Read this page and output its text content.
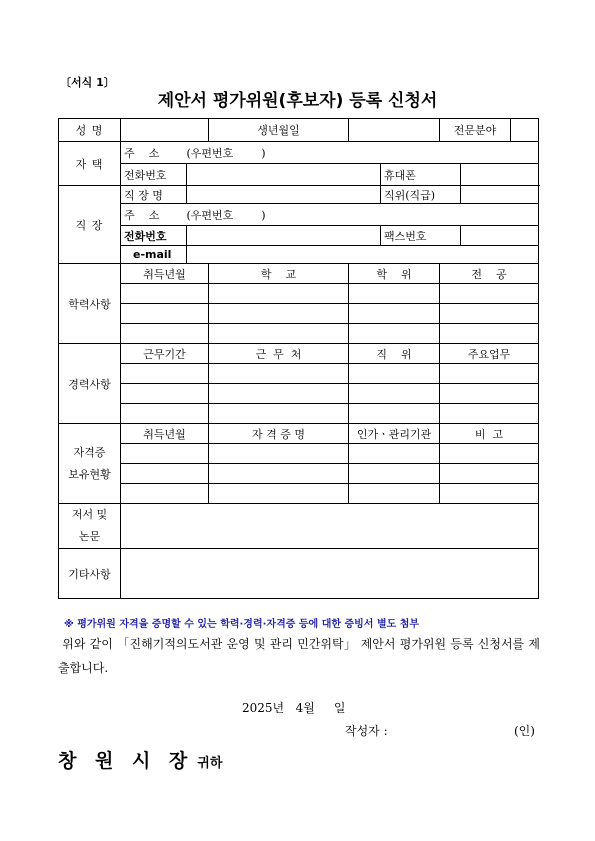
〔서식 1〕
제안서 평가위원(후보자) 등록 신청서
성 명			생년월일			전문분야	

자 택	주    소	(우편번호        )					
	전화번호				휴대폰		
직 장	직 장 명				직위(직급)		
	주    소	(우편번호        )					
	전화번호				팩스번호		
	e-mail						
학력사항	취득년월		학    교	학    위		전    공	

경력사항	근무기간		근  무  처	직    위		주요업무	

자격증
보유현황	취득년월		자 격 증 명	인가ㆍ관리기관		비  고	

저서 및
논문							
기타사항							
※ 평가위원 자격을 증명할 수 있는 학력·경력·자격증 등에 대한 증빙서 별도 첨부
위와 같이 「진해기적의도서관 운영 및 관리 민간위탁」 제안서 평가위원 등록 신청서를 제출합니다.
2025년   4월     일
작성자 :	(인)
창 원 시 장 귀하
